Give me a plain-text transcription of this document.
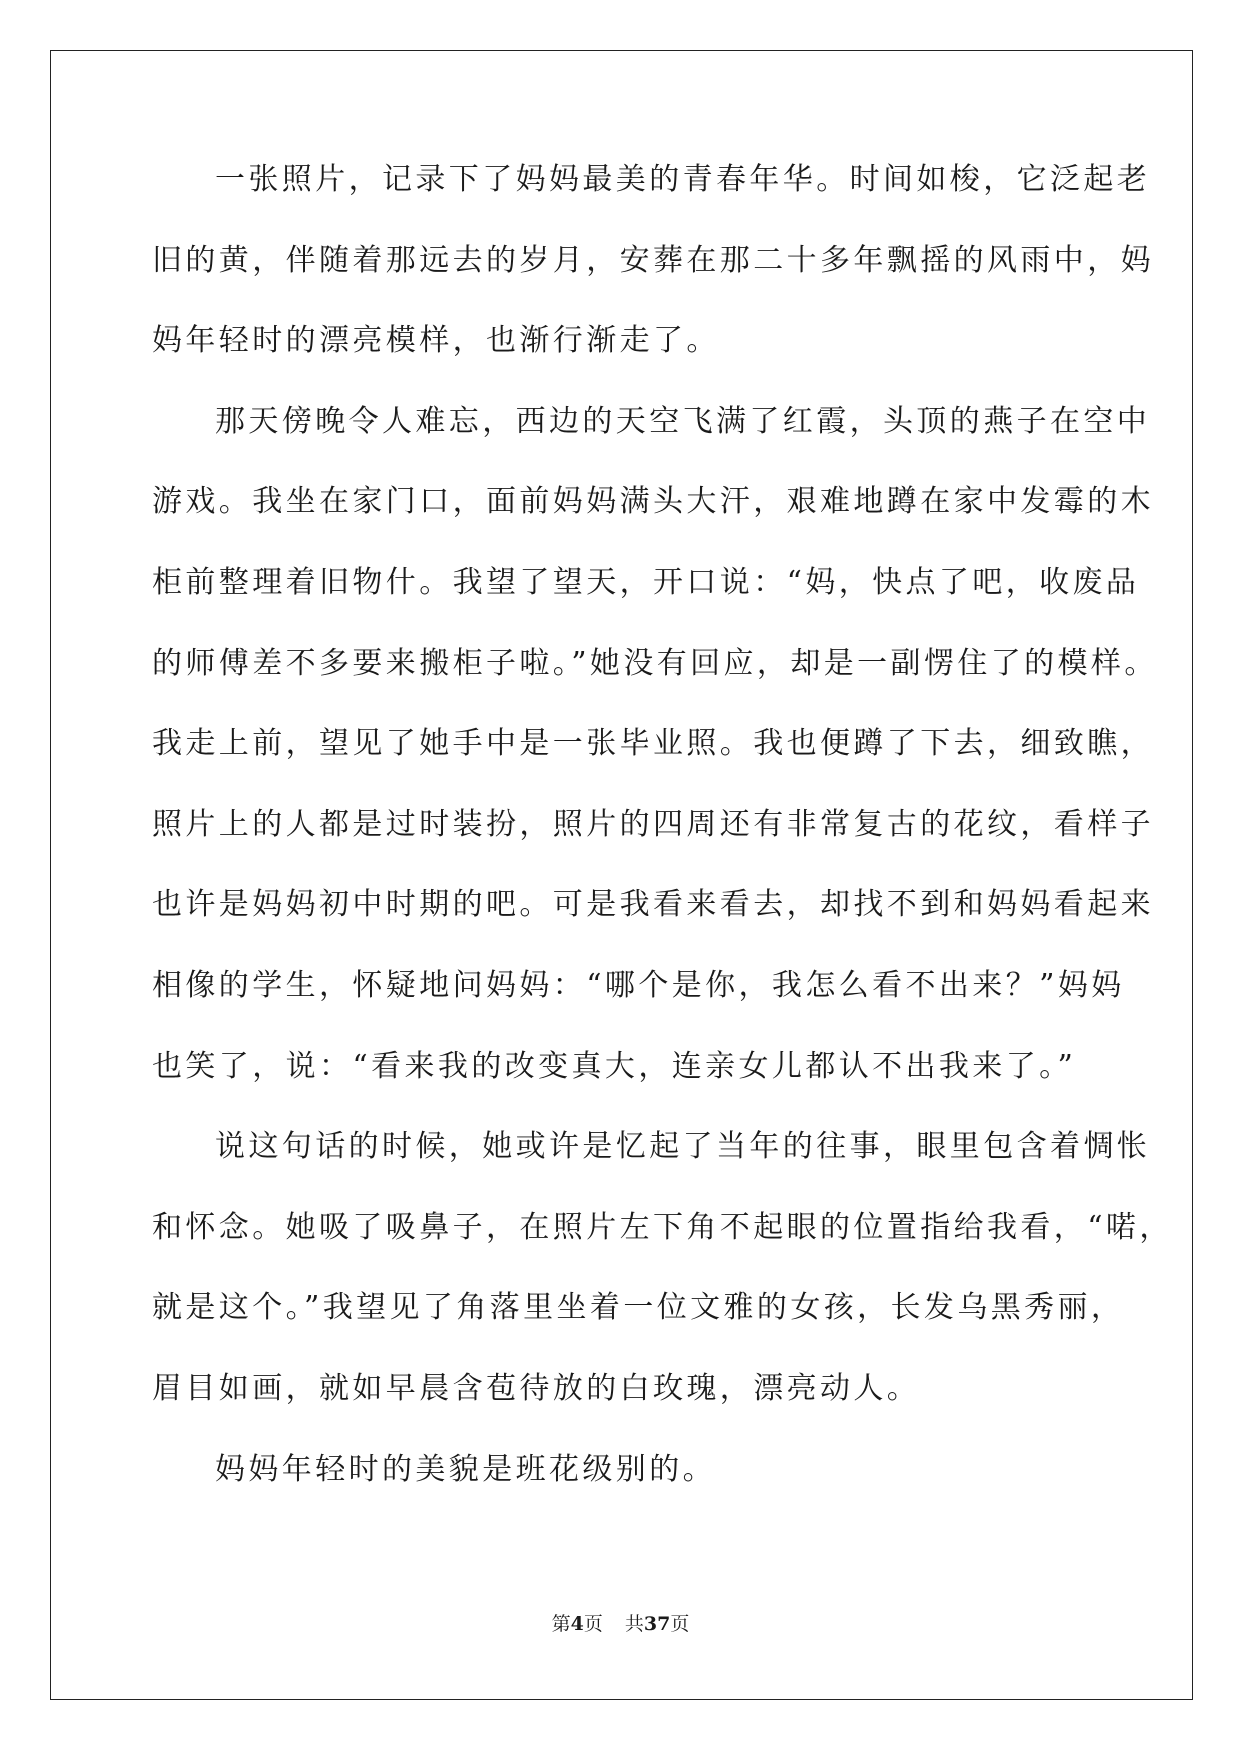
一张照片，记录下了妈妈最美的青春年华。时间如梭，它泛起老
旧的黄，伴随着那远去的岁月，安葬在那二十多年飘摇的风雨中，妈
妈年轻时的漂亮模样，也渐行渐走了。
那天傍晚令人难忘，西边的天空飞满了红霞，头顶的燕子在空中
游戏。我坐在家门口，面前妈妈满头大汗，艰难地蹲在家中发霉的木
柜前整理着旧物什。我望了望天，开口说：“妈，快点了吧，收废品
的师傅差不多要来搬柜子啦。”她没有回应，却是一副愣住了的模样。
我走上前，望见了她手中是一张毕业照。我也便蹲了下去，细致瞧，
照片上的人都是过时装扮，照片的四周还有非常复古的花纹，看样子
也许是妈妈初中时期的吧。可是我看来看去，却找不到和妈妈看起来
相像的学生，怀疑地问妈妈：“哪个是你，我怎么看不出来？”妈妈
也笑了，说：“看来我的改变真大，连亲女儿都认不出我来了。”
说这句话的时候，她或许是忆起了当年的往事，眼里包含着惆怅
和怀念。她吸了吸鼻子，在照片左下角不起眼的位置指给我看，“喏，
就是这个。”我望见了角落里坐着一位文雅的女孩，长发乌黑秀丽，
眉目如画，就如早晨含苞待放的白玫瑰，漂亮动人。
妈妈年轻时的美貌是班花级别的。
第4页 共37页
